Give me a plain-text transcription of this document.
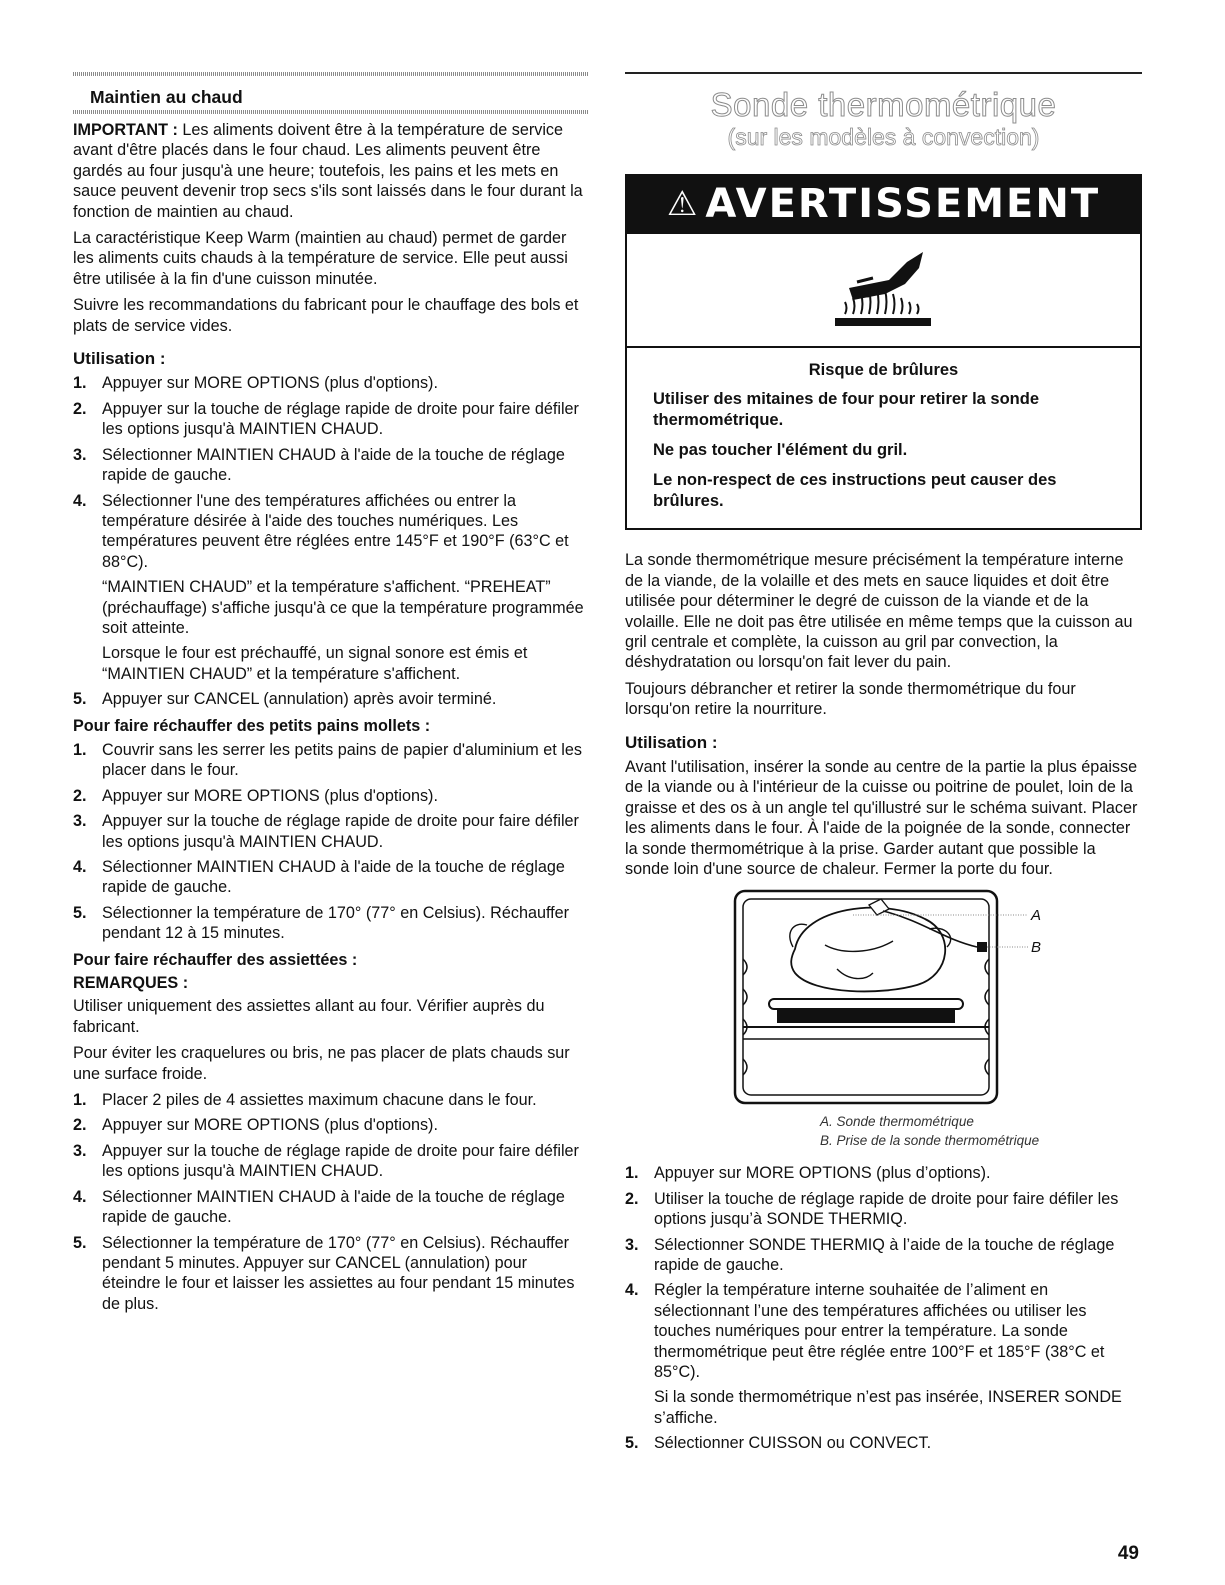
Maintien au chaud

IMPORTANT : Les aliments doivent être à la température de service avant d'être placés dans le four chaud. Les aliments peuvent être gardés au four jusqu'à une heure; toutefois, les pains et les mets en sauce peuvent devenir trop secs s'ils sont laissés dans le four durant la fonction de maintien au chaud.

La caractéristique Keep Warm (maintien au chaud) permet de garder les aliments cuits chauds à la température de service. Elle peut aussi être utilisée à la fin d'une cuisson minutée.

Suivre les recommandations du fabricant pour le chauffage des bols et plats de service vides.

Utilisation :
1. Appuyer sur MORE OPTIONS (plus d'options).
2. Appuyer sur la touche de réglage rapide de droite pour faire défiler les options jusqu'à MAINTIEN CHAUD.
3. Sélectionner MAINTIEN CHAUD à l'aide de la touche de réglage rapide de gauche.
4. Sélectionner l'une des températures affichées ou entrer la température désirée à l'aide des touches numériques. Les températures peuvent être réglées entre 145°F et 190°F (63°C et 88°C).

“MAINTIEN CHAUD” et la température s'affichent. “PREHEAT” (préchauffage) s'affiche jusqu'à ce que la température programmée soit atteinte.

Lorsque le four est préchauffé, un signal sonore est émis et “MAINTIEN CHAUD” et la température s'affichent.

5. Appuyer sur CANCEL (annulation) après avoir terminé.
Pour faire réchauffer des petits pains mollets :
1. Couvrir sans les serrer les petits pains de papier d'aluminium et les placer dans le four.
2. Appuyer sur MORE OPTIONS (plus d'options).
3. Appuyer sur la touche de réglage rapide de droite pour faire défiler les options jusqu'à MAINTIEN CHAUD.
4. Sélectionner MAINTIEN CHAUD à l'aide de la touche de réglage rapide de gauche.
5. Sélectionner la température de 170° (77° en Celsius). Réchauffer pendant 12 à 15 minutes.
Pour faire réchauffer des assiettées :
REMARQUES :

Utiliser uniquement des assiettes allant au four. Vérifier auprès du fabricant.

Pour éviter les craquelures ou bris, ne pas placer de plats chauds sur une surface froide.

1. Placer 2 piles de 4 assiettes maximum chacune dans le four.
2. Appuyer sur MORE OPTIONS (plus d'options).
3. Appuyer sur la touche de réglage rapide de droite pour faire défiler les options jusqu'à MAINTIEN CHAUD.
4. Sélectionner MAINTIEN CHAUD à l'aide de la touche de réglage rapide de gauche.
5. Sélectionner la température de 170° (77° en Celsius). Réchauffer pendant 5 minutes. Appuyer sur CANCEL (annulation) pour éteindre le four et laisser les assiettes au four pendant 15 minutes de plus.
Sonde thermométrique
(sur les modèles à convection)
⚠ AVERTISSEMENT

Risque de brûlures

Utiliser des mitaines de four pour retirer la sonde thermométrique.

Ne pas toucher l'élément du gril.

Le non-respect de ces instructions peut causer des brûlures.

La sonde thermométrique mesure précisément la température interne de la viande, de la volaille et des mets en sauce liquides et doit être utilisée pour déterminer le degré de cuisson de la viande et de la volaille. Elle ne doit pas être utilisée en même temps que la cuisson au gril centrale et complète, la cuisson au gril par convection, la déshydratation ou lorsqu'on fait lever du pain.

Toujours débrancher et retirer la sonde thermométrique du four lorsqu'on retire la nourriture.

Utilisation :

Avant l'utilisation, insérer la sonde au centre de la partie la plus épaisse de la viande ou à l'intérieur de la cuisse ou poitrine de poulet, loin de la graisse et des os à un angle tel qu'illustré sur le schéma suivant. Placer les aliments dans le four. À l'aide de la poignée de la sonde, connecter la sonde thermométrique à la prise. Garder autant que possible la sonde loin d'une source de chaleur. Fermer la porte du four.

A
B
A. Sonde thermométrique
B. Prise de la sonde thermométrique
1. Appuyer sur MORE OPTIONS (plus d’options).
2. Utiliser la touche de réglage rapide de droite pour faire défiler les options jusqu’à SONDE THERMIQ.
3. Sélectionner SONDE THERMIQ à l’aide de la touche de réglage rapide de gauche.
4. Régler la température interne souhaitée de l’aliment en sélectionnant l’une des températures affichées ou utiliser les touches numériques pour entrer la température. La sonde thermométrique peut être réglée entre 100°F et 185°F (38°C et 85°C).

Si la sonde thermométrique n’est pas insérée, INSERER SONDE s’affiche.

5. Sélectionner CUISSON ou CONVECT.
49
